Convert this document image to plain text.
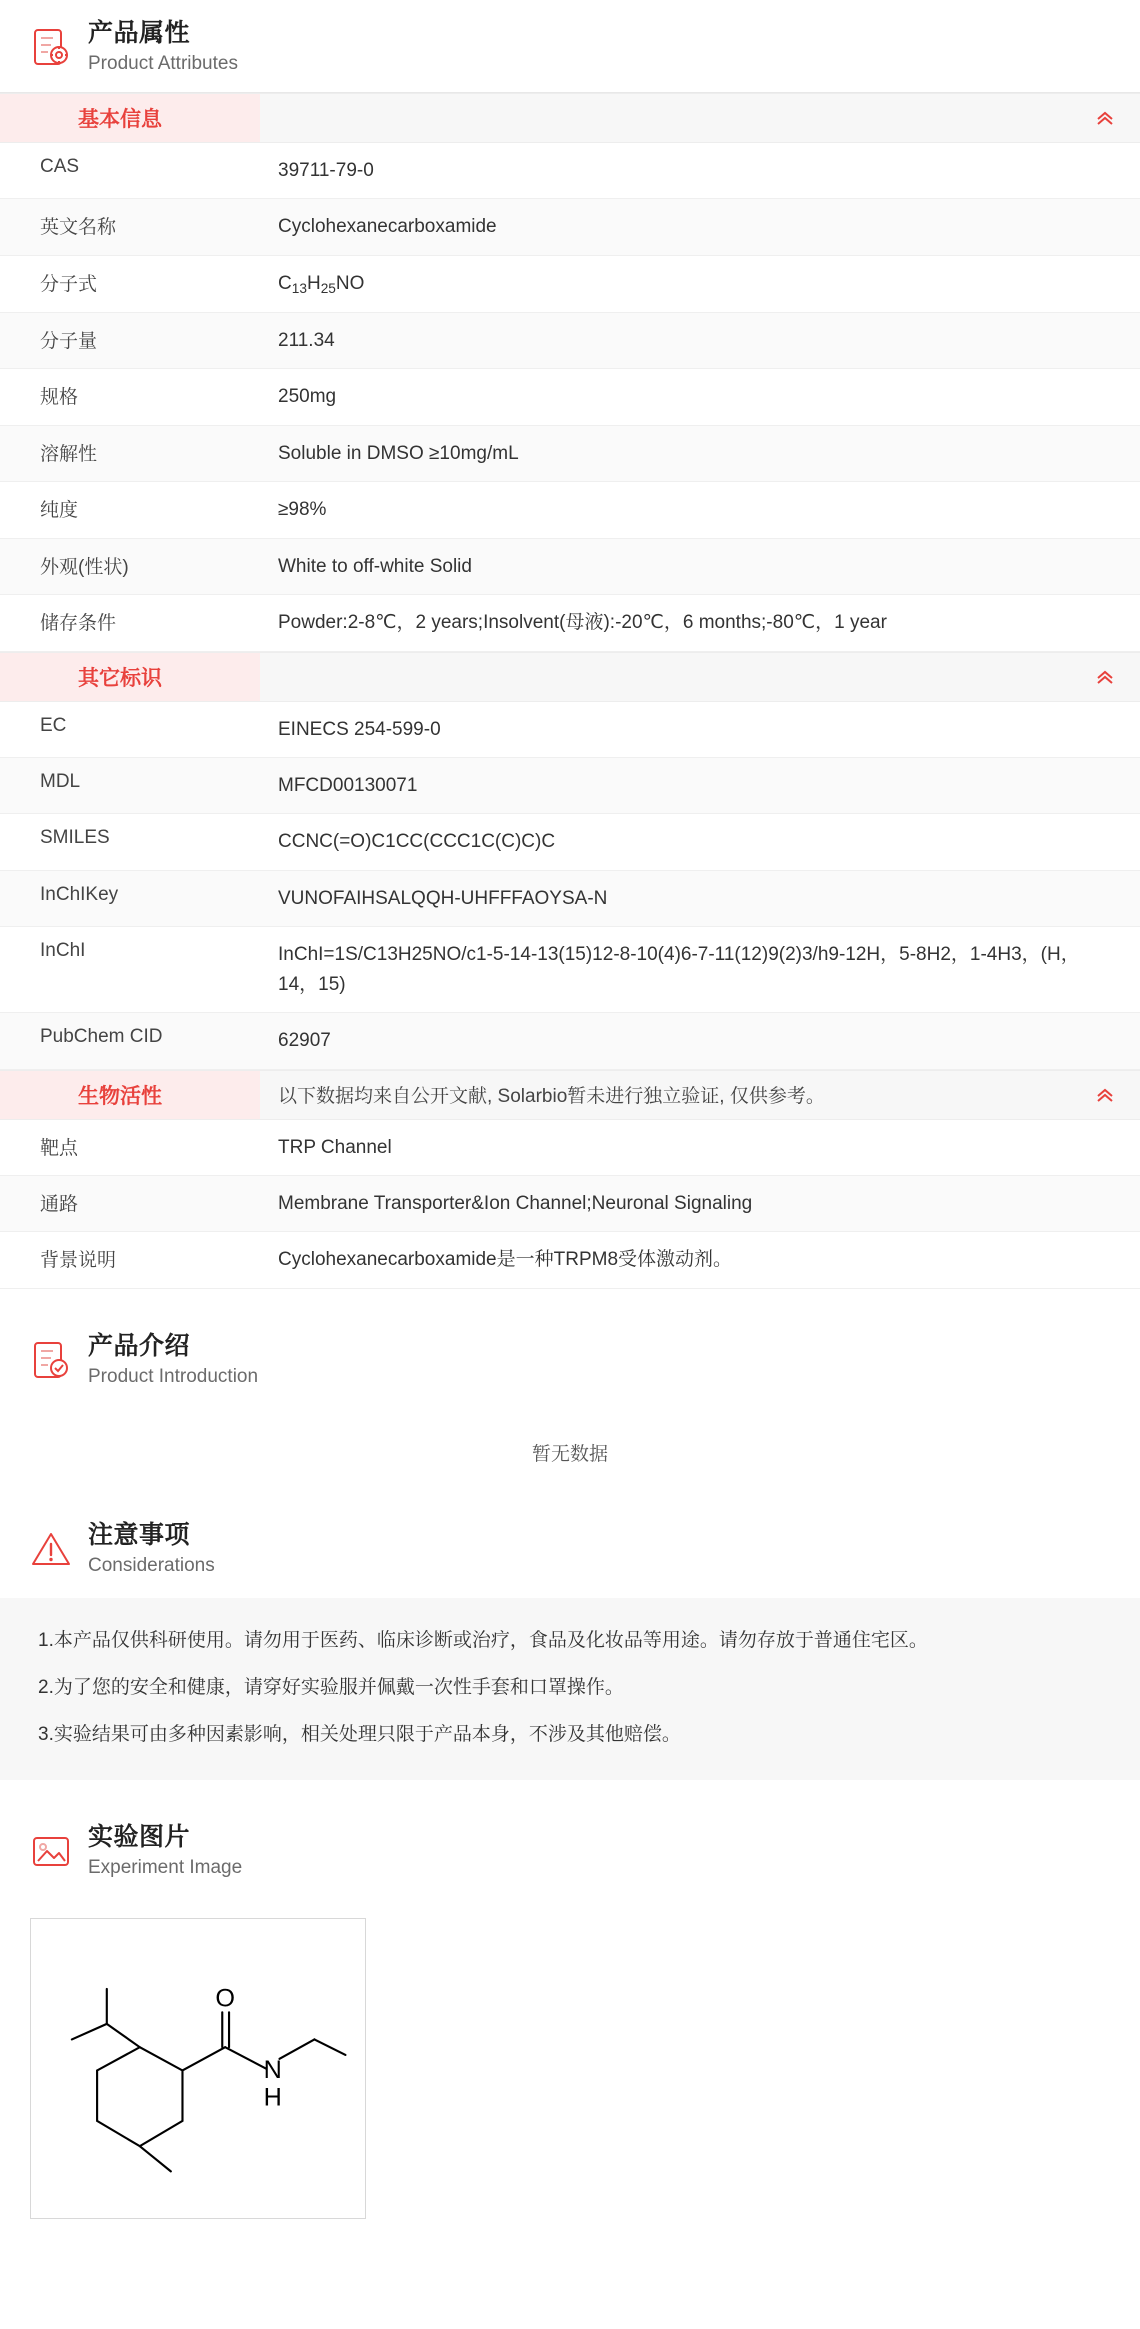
产品属性
Product Attributes
基本信息
CAS	39711-79-0
英文名称	Cyclohexanecarboxamide
分子式	$C_{13}H_{25}NO$
分子量	211.34
规格	250mg
溶解性	Soluble in DMSO ≥10mg/mL
纯度	≥98%
外观(性状)	White to off-white Solid
储存条件	Powder:2-8℃，2 years;Insolvent(母液):-20℃，6 months;-80℃，1 year
其它标识
EC	EINECS 254-599-0
MDL	MFCD00130071
SMILES	CCNC(=O)C1CC(CCC1C(C)C)C
InChIKey	VUNOFAIHSALQQH-UHFFFAOYSA-N
InChI	InChI=1S/C13H25NO/c1-5-14-13(15)12-8-10(4)6-7-11(12)9(2)3/h9-12H，5-8H2，1-4H3，(H，14，15)
PubChem CID	62907
生物活性	以下数据均来自公开文献, Solarbio暂未进行独立验证, 仅供参考。
靶点	TRP Channel
通路	Membrane Transporter&Ion Channel;Neuronal Signaling
背景说明	Cyclohexanecarboxamide是一种TRPM8受体激动剂。
产品介绍
Product Introduction
暂无数据
注意事项
Considerations

1.本产品仅供科研使用。请勿用于医药、临床诊断或治疗，食品及化妆品等用途。请勿存放于普通住宅区。

2.为了您的安全和健康，请穿好实验服并佩戴一次性手套和口罩操作。

3.实验结果可由多种因素影响，相关处理只限于产品本身，不涉及其他赔偿。

实验图片
Experiment Image
O
N
H
